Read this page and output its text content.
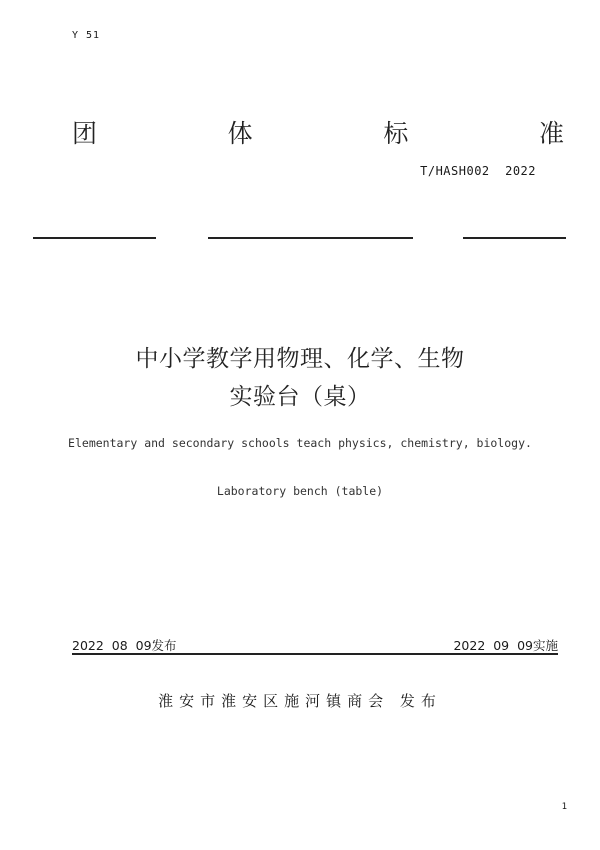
Y 51
团	体	标	准
T/HASH002  2022
中小学教学用物理、化学、生物
实验台（桌）
Elementary and secondary schools teach physics, chemistry, biology.
Laboratory bench (table)
2022  08  09发布	2022  09  09实施
淮安市淮安区施河镇商会 发布
1
